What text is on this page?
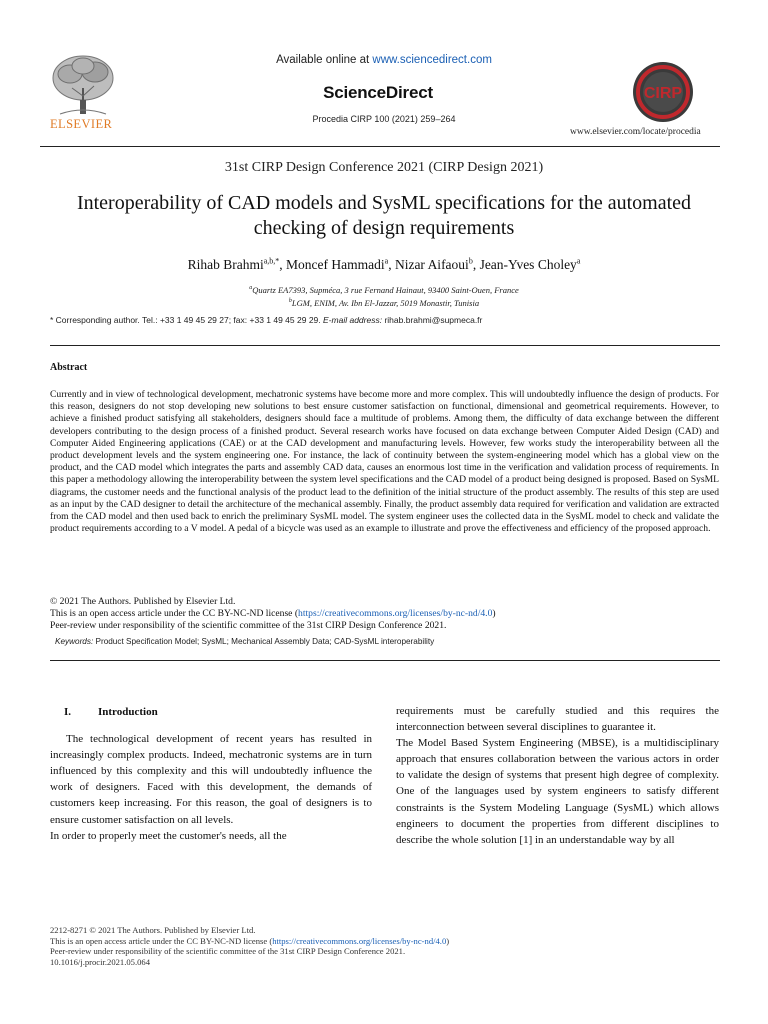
ELSEVIER
Available online at www.sciencedirect.com
ScienceDirect
Procedia CIRP 100 (2021) 259–264
CIRP
www.elsevier.com/locate/procedia
31st CIRP Design Conference 2021 (CIRP Design 2021)
Interoperability of CAD models and SysML specifications for the automated checking of design requirements
Rihab Brahmi$^{a,b,*}$, Moncef Hammadi$^a$, Nizar Aifaoui$^b$, Jean-Yves Choley$^a$
$^a$Quartz EA7393, Supméca, 3 rue Fernand Hainaut, 93400 Saint-Ouen, France
$^b$LGM, ENIM, Av. Ibn El-Jazzar, 5019 Monastir, Tunisia
* Corresponding author. Tel.: +33 1 49 45 29 27; fax: +33 1 49 45 29 29. E-mail address: rihab.brahmi@supmeca.fr
Abstract
Currently and in view of technological development, mechatronic systems have become more and more complex. This will undoubtedly influence the design of products. For this reason, designers do not stop developing new solutions to best ensure customer satisfaction on functional, dimensional and geometrical requirements. However, to achieve a finished product satisfying all stakeholders, designers should face a multitude of problems. Among them, the difficulty of data exchange between the different developers contributing to the design process of a finished product. Several research works have focused on data exchange between Computer Aided Design (CAD) and Computer Aided Engineering applications (CAE) or at the CAD development and manufacturing levels. However, few works study the interoperability between all the product development levels and the system engineering one. For instance, the lack of continuity between the system-engineering model which has a global view on the product, and the CAD model which integrates the parts and assembly CAD data, causes an enormous lost time in the verification and validation process of requirements. In this paper a methodology allowing the interoperability between the system level specifications and the CAD model of a product being designed is proposed. Based on SysML diagrams, the customer needs and the functional analysis of the product lead to the definition of the initial structure of the product assembly. The results of this step are used as an input by the CAD designer to detail the architecture of the mechanical assembly. Finally, the product assembly data required for verification and validation are extracted from the CAD model and then used back to enrich the preliminary SysML model. The system engineer uses the collected data in the SysML model to check and validate the product requirements according to a V model. A pedal of a bicycle was used as an example to illustrate and prove the effectiveness and efficiency of the proposed approach.
© 2021 The Authors. Published by Elsevier Ltd.
This is an open access article under the CC BY-NC-ND license (https://creativecommons.org/licenses/by-nc-nd/4.0)
Peer-review under responsibility of the scientific committee of the 31st CIRP Design Conference 2021.
Keywords: Product Specification Model; SysML; Mechanical Assembly Data; CAD-SysML interoperability
I. Introduction

The technological development of recent years has resulted in increasingly complex products. Indeed, mechatronic systems are in turn influenced by this complexity and this will undoubtedly influence the work of designers. Faced with this development, the demands of customers keep increasing. For this reason, the goal of designers is to ensure customer satisfaction on all levels.

In order to properly meet the customer's needs, all the

requirements must be carefully studied and this requires the interconnection between several disciplines to guarantee it.

The Model Based System Engineering (MBSE), is a multidisciplinary approach that ensures collaboration between the various actors in order to validate the design of systems that present high degree of complexity. One of the languages used by system engineers to satisfy different constraints is the System Modeling Language (SysML) which allows engineers to document the properties from different disciplines to describe the whole solution [1] in an understandable way by all

2212-8271 © 2021 The Authors. Published by Elsevier Ltd.
This is an open access article under the CC BY-NC-ND license (https://creativecommons.org/licenses/by-nc-nd/4.0)
Peer-review under responsibility of the scientific committee of the 31st CIRP Design Conference 2021.
10.1016/j.procir.2021.05.064
